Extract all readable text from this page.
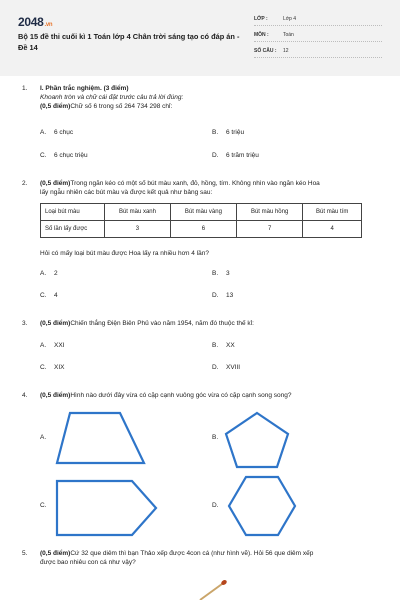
2048.vn
Bộ 15 đề thi cuối kì 1 Toán lớp 4 Chân trời sáng tạo có đáp án - Đề 14
LỚP :	Lớp 4
MÔN :	Toán
SỐ CÂU : 12
1. I. Phần trắc nghiệm. (3 điểm)
Khoanh tròn và chữ cái đặt trước câu trả lời đúng:
(0,5 điểm)Chữ số 6 trong số 264 734 298 chỉ:
A. 6 chục	B. 6 triệu
C. 6 chục triệu	D. 6 trăm triệu
2. (0,5 điểm)Trong ngăn kéo có một số bút màu xanh, đỏ, hồng, tím. Không nhìn vào ngăn kéo Hoa
lấy ngẫu nhiên các bút màu và được kết quả như bảng sau:
Loại bút màu	Bút màu xanh	Bút màu vàng	Bút màu hồng	Bút màu tím
Số lần lấy được	3	6	7	4
Hỏi có mấy loại bút màu được Hoa lấy ra nhiều hơn 4 lần?
A. 2	B. 3
C. 4	D. 13
3. (0,5 điểm)Chiến thắng Điện Biên Phủ vào năm 1954, năm đó thuộc thế kỉ:
A. XXI	B. XX
C. XIX	D. XVIII
4. (0,5 điểm)Hình nào dưới đây vừa có cặp cạnh vuông góc vừa có cặp cạnh song song?
A.	B.
C.	D.
5. (0,5 điểm)Cứ 32 que diêm thì bạn Thảo xếp được 4con cá (như hình vẽ). Hỏi 56 que diêm xếp
được bao nhiêu con cá như vậy?
